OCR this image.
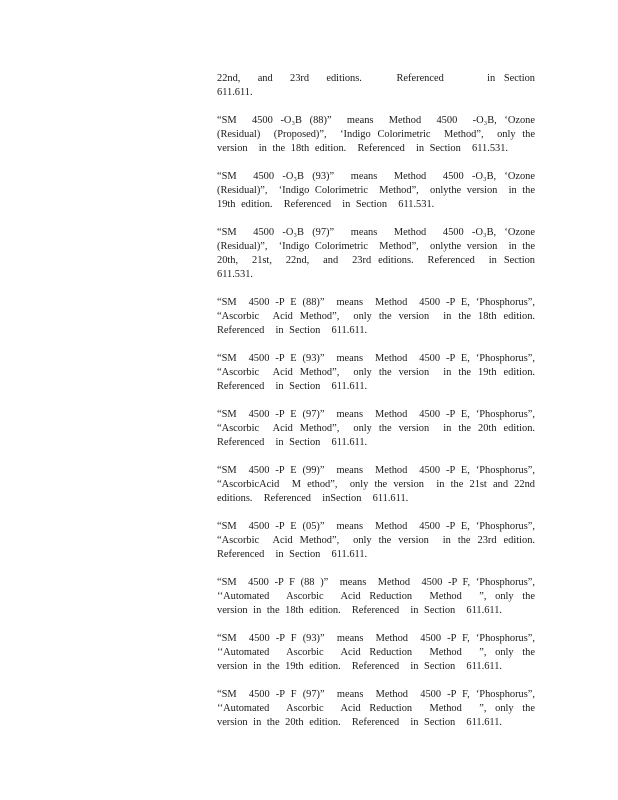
22nd,  and  23rd  editions.    Referenced     in Section    611.611.

“SM  4500 -O₃B (88)”  means  Method  4500  -O₃B, ‘Ozone (Residual)  (Proposed)”,  ‘Indigo Colorimetric  Method”,  only the version  in the 18th edition.  Referenced  in Section  611.531.

“SM  4500 -O₃B (93)”  means  Method  4500 -O₃B, ‘Ozone (Residual)”,  ‘Indigo Colorimetric  Method”,  onlythe version  in the 19th edition.  Referenced  in Section  611.531.

“SM  4500 -O₃B (97)”  means  Method  4500 -O₃B, ‘Ozone (Residual)”,  ‘Indigo Colorimetric  Method”,  onlythe version  in the 20th,  21st,  22nd,  and  23rd editions.  Referenced  in Section 611.531.

“SM  4500 -P E (88)”  means  Method  4500 -P E, ‘Phosphorus”, “Ascorbic  Acid Method”,  only the version  in the 18th edition. Referenced  in Section  611.611.

“SM  4500 -P E (93)”  means  Method  4500 -P E, ‘Phosphorus”, “Ascorbic  Acid Method”,  only the version  in the 19th edition. Referenced  in Section  611.611.

“SM  4500 -P E (97)”  means  Method  4500 -P E, ‘Phosphorus”, “Ascorbic  Acid Method”,  only the version  in the 20th edition. Referenced  in Section  611.611.

“SM  4500 -P E (99)”  means  Method  4500 -P E, ‘Phosphorus”, “AscorbicAcid  M ethod”,  only the version  in the 21st and 22nd editions.  Referenced  inSection  611.611.

“SM  4500 -P E (05)”  means  Method  4500 -P E, ‘Phosphorus”, “Ascorbic  Acid Method”,  only the version  in the 23rd edition. Referenced  in Section  611.611.

“SM  4500 -P F (88 )”  means  Method  4500 -P F, ‘Phosphorus”, ‘‘Automated  Ascorbic  Acid Reduction  Method  ”, only the version in the 18th edition.  Referenced  in Section  611.611.

“SM  4500 -P F (93)”  means  Method  4500 -P F, ‘Phosphorus”, ‘‘Automated  Ascorbic  Acid Reduction  Method  ”, only the version in the 19th edition.  Referenced  in Section  611.611.

“SM  4500 -P F (97)”  means  Method  4500 -P F, ‘Phosphorus”, ‘‘Automated  Ascorbic  Acid Reduction  Method  ”, only the version in the 20th edition.  Referenced  in Section  611.611.
